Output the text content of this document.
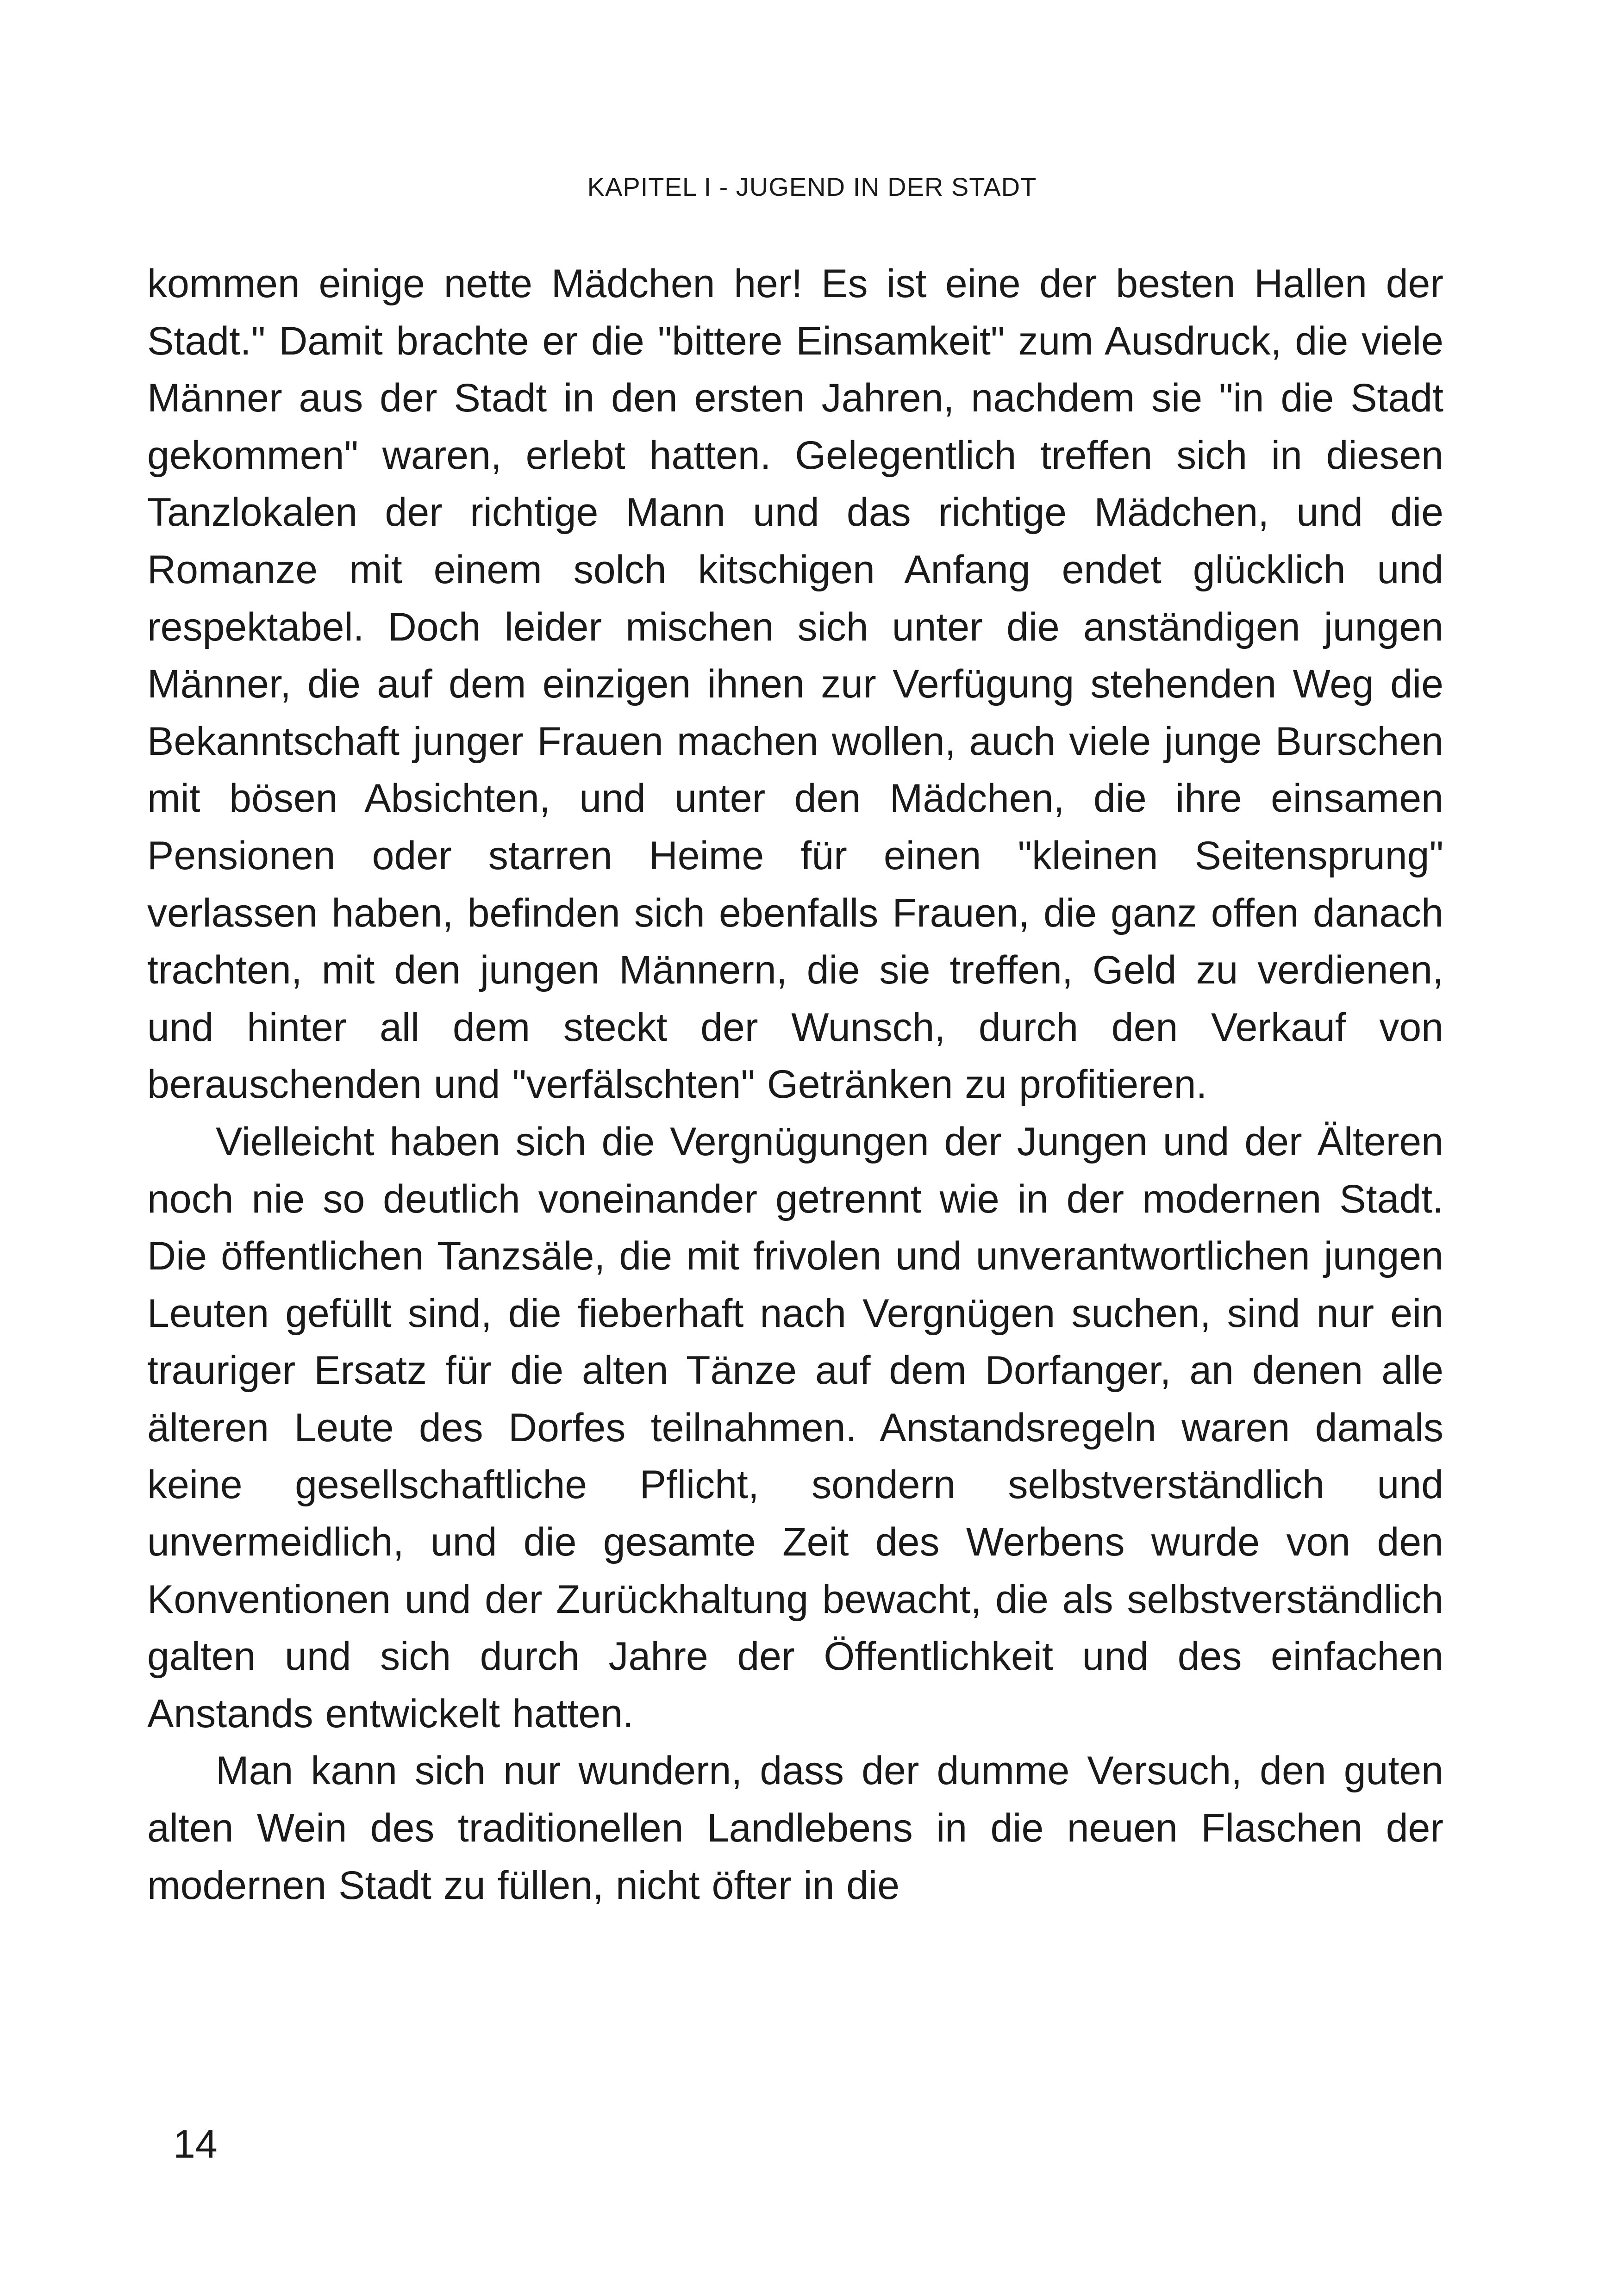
KAPITEL I - JUGEND IN DER STADT

kommen einige nette Mädchen her! Es ist eine der besten Hallen der Stadt." Damit brachte er die "bittere Einsamkeit" zum Ausdruck, die viele Männer aus der Stadt in den ersten Jahren, nachdem sie "in die Stadt gekommen" waren, erlebt hatten. Gelegentlich treffen sich in diesen Tanzlokalen der richtige Mann und das richtige Mädchen, und die Romanze mit einem solch kitschigen Anfang endet glücklich und respektabel. Doch leider mischen sich unter die anständigen jungen Männer, die auf dem einzigen ihnen zur Verfügung stehenden Weg die Bekanntschaft junger Frauen machen wollen, auch viele junge Burschen mit bösen Absichten, und unter den Mädchen, die ihre einsamen Pensionen oder starren Heime für einen "kleinen Seitensprung" verlassen haben, befinden sich ebenfalls Frauen, die ganz offen danach trachten, mit den jungen Männern, die sie treffen, Geld zu verdienen, und hinter all dem steckt der Wunsch, durch den Verkauf von berauschenden und "verfälschten" Getränken zu profitieren.

Vielleicht haben sich die Vergnügungen der Jungen und der Älteren noch nie so deutlich voneinander getrennt wie in der modernen Stadt. Die öffentlichen Tanzsäle, die mit frivolen und unverantwortlichen jungen Leuten gefüllt sind, die fieberhaft nach Vergnügen suchen, sind nur ein trauriger Ersatz für die alten Tänze auf dem Dorfanger, an denen alle älteren Leute des Dorfes teilnahmen. Anstandsregeln waren damals keine gesellschaftliche Pflicht, sondern selbstverständlich und unvermeidlich, und die gesamte Zeit des Werbens wurde von den Konventionen und der Zurückhaltung bewacht, die als selbstverständlich galten und sich durch Jahre der Öffentlichkeit und des einfachen Anstands entwickelt hatten.

Man kann sich nur wundern, dass der dumme Versuch, den guten alten Wein des traditionellen Landlebens in die neuen Flaschen der modernen Stadt zu füllen, nicht öfter in die

14
